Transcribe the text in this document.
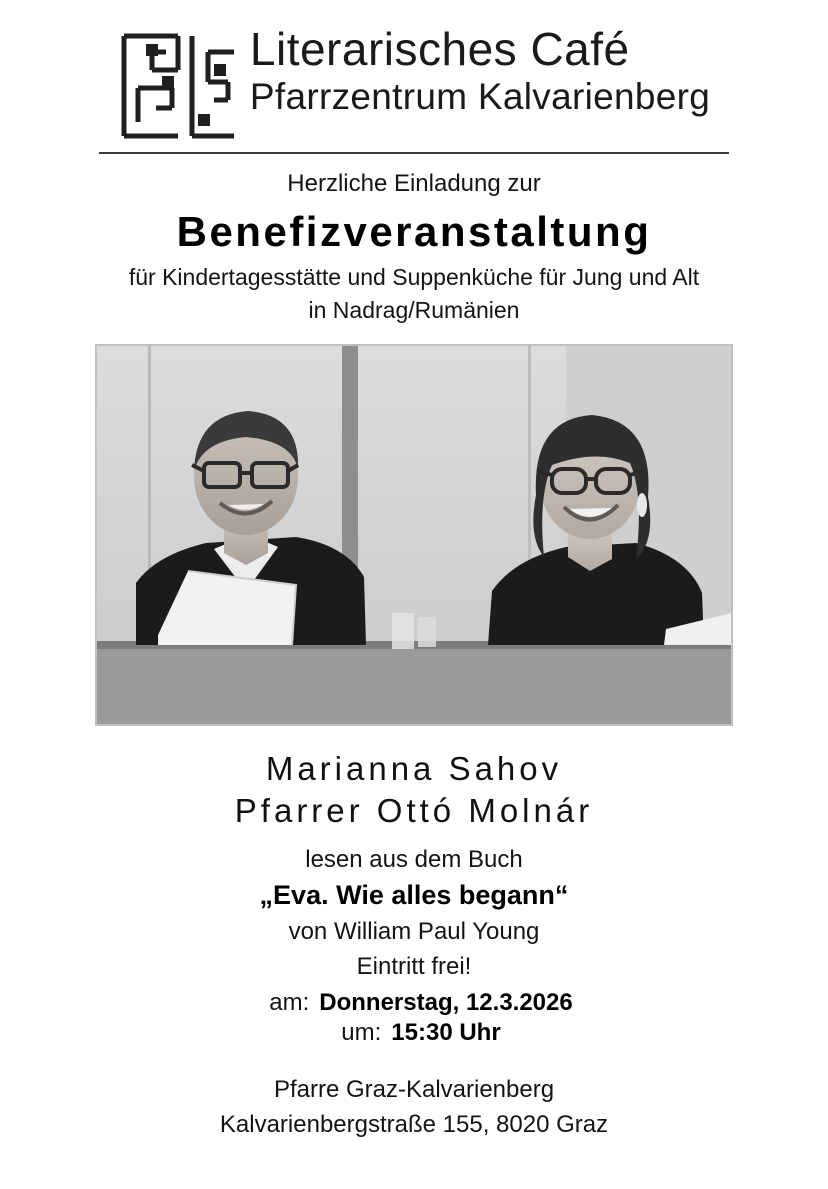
Literarisches Café
Pfarrzentrum Kalvarienberg
Herzliche Einladung zur
Benefizveranstaltung
für Kindertagesstätte und Suppenküche für Jung und Alt
in Nadrag/Rumänien
Marianna Sahov
Pfarrer Ottó Molnár
lesen aus dem Buch
„Eva. Wie alles begann“
von William Paul Young
Eintritt frei!
am: Donnerstag, 12.3.2026
um: 15:30 Uhr
Pfarre Graz-Kalvarienberg
Kalvarienbergstraße 155, 8020 Graz
